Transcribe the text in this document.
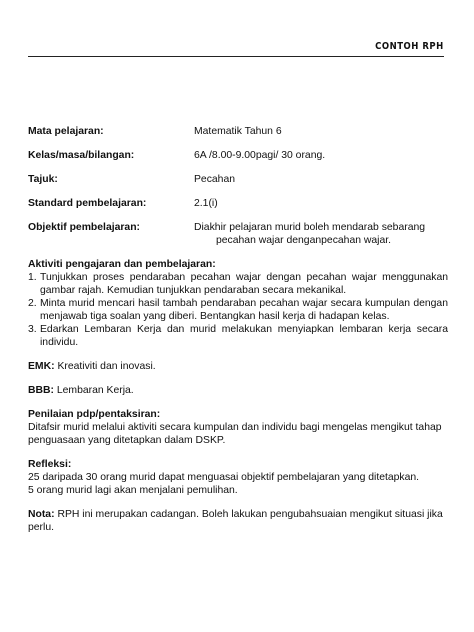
CONTOH RPH
Mata pelajaran:	Matematik Tahun 6
Kelas/masa/bilangan:	6A /8.00-9.00pagi/ 30 orang.
Tajuk:	Pecahan
Standard pembelajaran:	2.1(i)
Objektif pembelajaran:	Diakhir pelajaran murid boleh mendarab sebarang
pecahan wajar denganpecahan wajar.
Aktiviti pengajaran dan pembelajaran:
1. Tunjukkan proses pendaraban pecahan wajar dengan pecahan wajar menggunakan gambar rajah. Kemudian tunjukkan pendaraban secara mekanikal.
2. Minta murid mencari hasil tambah pendaraban pecahan wajar secara kumpulan dengan menjawab tiga soalan yang diberi. Bentangkan hasil kerja di hadapan kelas.
3. Edarkan Lembaran Kerja dan murid melakukan menyiapkan lembaran kerja secara individu.
EMK: Kreativiti dan inovasi.
BBB: Lembaran Kerja.
Penilaian pdp/pentaksiran:
Ditafsir murid melalui aktiviti secara kumpulan dan individu bagi mengelas mengikut tahap penguasaan yang ditetapkan dalam DSKP.
Refleksi:
25 daripada 30 orang murid dapat menguasai objektif pembelajaran yang ditetapkan.
5 orang murid lagi akan menjalani pemulihan.
Nota: RPH ini merupakan cadangan. Boleh lakukan pengubahsuaian mengikut situasi jika perlu.
